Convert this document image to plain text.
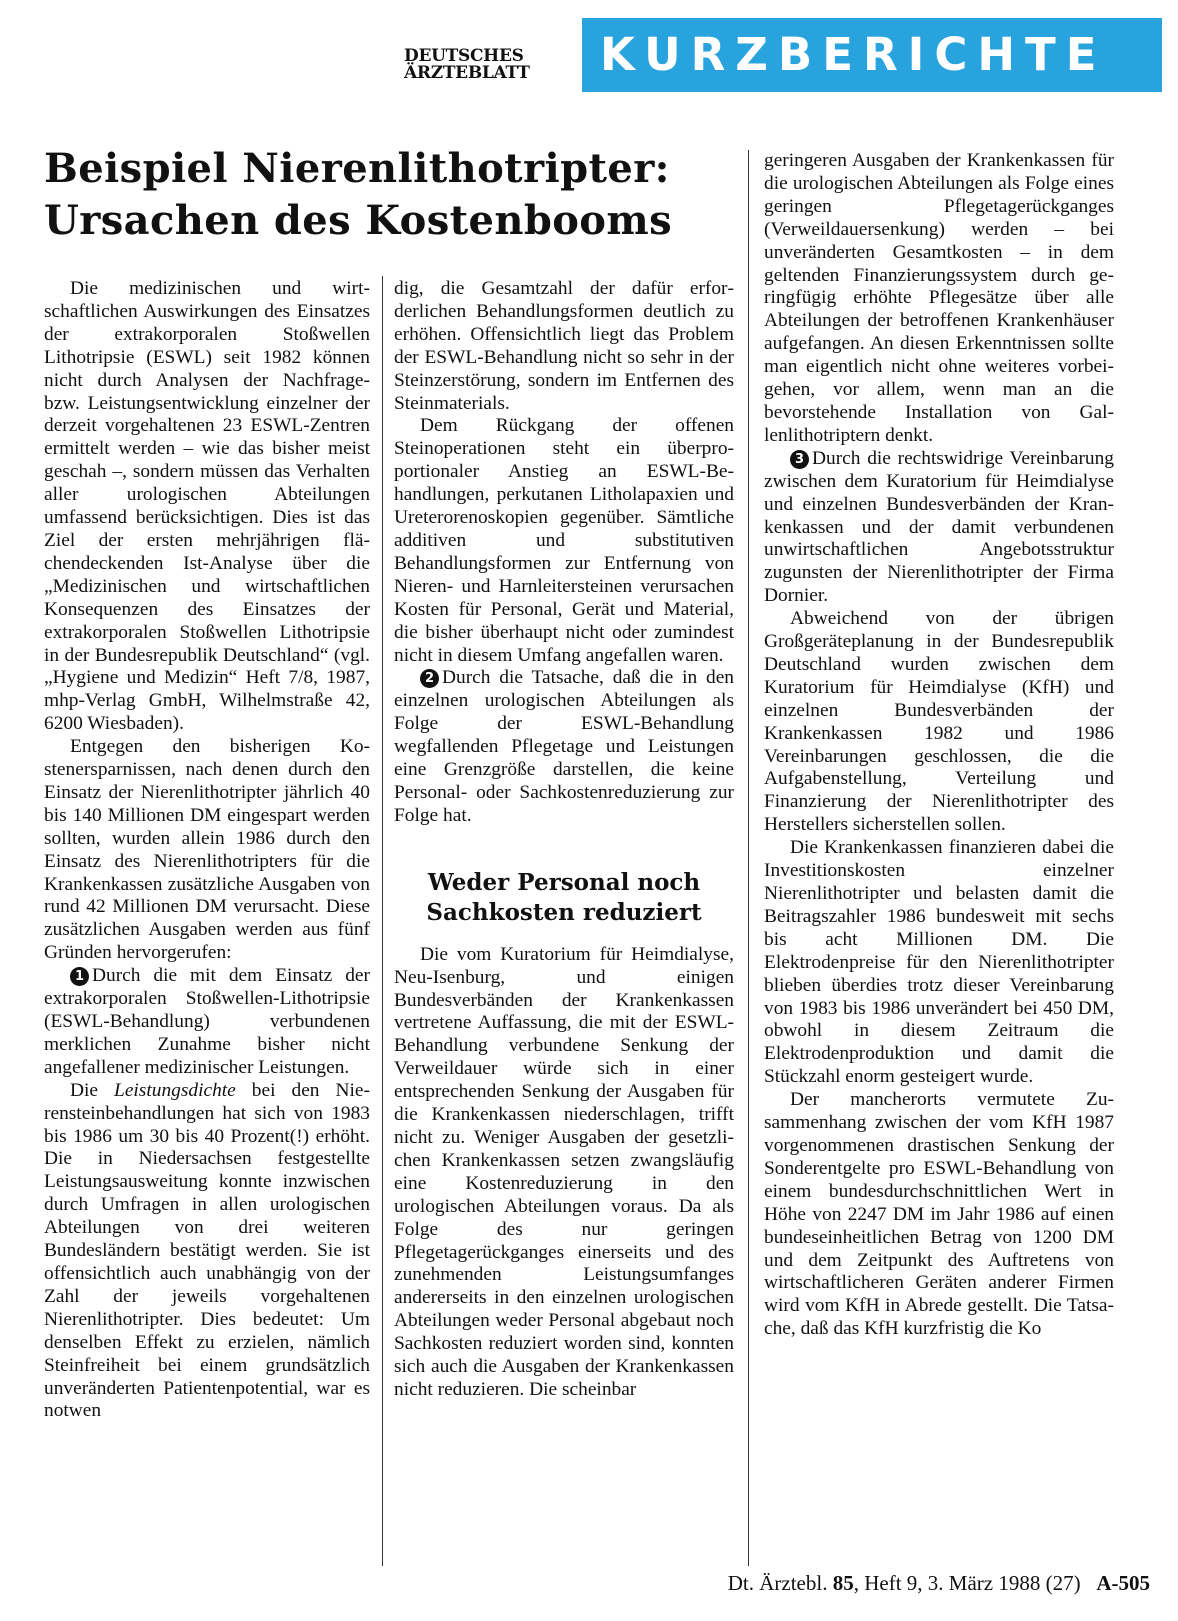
DEUTSCHES
ÄRZTEBLATT	KURZBERICHTE
Beispiel Nierenlithotripter:
Ursachen des Kostenbooms

Die medizinischen und wirtschaftlichen Auswirkungen des Einsatzes der extrakorporalen Stoßwellen Lithotripsie (ESWL) seit 1982 können nicht durch Analysen der Nachfrage- bzw. Leistungsentwicklung einzelner der derzeit vorgehaltenen 23 ESWL-Zentren ermittelt werden – wie das bisher meist geschah –, sondern müssen das Verhalten aller urologischen Abteilungen umfassend berücksichtigen. Dies ist das Ziel der ersten mehrjährigen flächendeckenden Ist-Analyse über die „Medizinischen und wirtschaftlichen Konsequenzen des Einsatzes der extrakorporalen Stoßwellen Lithotripsie in der Bundesrepublik Deutschland“ (vgl. „Hygiene und Medizin“ Heft 7/8, 1987, mhp-Verlag GmbH, Wilhelmstraße 42, 6200 Wiesbaden).

Entgegen den bisherigen Kostenersparnissen, nach denen durch den Einsatz der Nierenlithotripter jährlich 40 bis 140 Millionen DM eingespart werden sollten, wurden allein 1986 durch den Einsatz des Nierenlithotripters für die Krankenkassen zusätzliche Ausgaben von rund 42 Millionen DM verursacht. Diese zusätzlichen Ausgaben werden aus fünf Gründen hervorgerufen:

1 Durch die mit dem Einsatz der extrakorporalen Stoßwellen-Lithotripsie (ESWL-Behandlung) verbundenen merklichen Zunahme bisher nicht angefallener medizinischer Leistungen.

Die Leistungsdichte bei den Nierensteinbehandlungen hat sich von 1983 bis 1986 um 30 bis 40 Prozent(!) erhöht. Die in Niedersachsen festgestellte Leistungsausweitung konnte inzwischen durch Umfragen in allen urologischen Abteilungen von drei weiteren Bundesländern bestätigt werden. Sie ist offensichtlich auch unabhängig von der Zahl der jeweils vorgehaltenen Nierenlithotripter. Dies bedeutet: Um denselben Effekt zu erzielen, nämlich Steinfreiheit bei einem grundsätzlich unveränderten Patientenpotential, war es notwen

dig, die Gesamtzahl der dafür erforderlichen Behandlungsformen deutlich zu erhöhen. Offensichtlich liegt das Problem der ESWL-Behandlung nicht so sehr in der Steinzerstörung, sondern im Entfernen des Steinmaterials.

Dem Rückgang der offenen Steinoperationen steht ein überproportionaler Anstieg an ESWL-Behandlungen, perkutanen Litholapaxien und Ureterorenoskopien gegenüber. Sämtliche additiven und substitutiven Behandlungsformen zur Entfernung von Nieren- und Harnleitersteinen verursachen Kosten für Personal, Gerät und Material, die bisher überhaupt nicht oder zumindest nicht in diesem Umfang angefallen waren.

2 Durch die Tatsache, daß die in den einzelnen urologischen Abteilungen als Folge der ESWL-Behandlung wegfallenden Pflegetage und Leistungen eine Grenzgröße darstellen, die keine Personal- oder Sachkostenreduzierung zur Folge hat.

Weder Personal noch
Sachkosten reduziert

Die vom Kuratorium für Heimdialyse, Neu-Isenburg, und einigen Bundesverbänden der Krankenkassen vertretene Auffassung, die mit der ESWL-Behandlung verbundene Senkung der Verweildauer würde sich in einer entsprechenden Senkung der Ausgaben für die Krankenkassen niederschlagen, trifft nicht zu. Weniger Ausgaben der gesetzlichen Krankenkassen setzen zwangsläufig eine Kostenreduzierung in den urologischen Abteilungen voraus. Da als Folge des nur geringen Pflegetagerückganges einerseits und des zunehmenden Leistungsumfanges andererseits in den einzelnen urologischen Abteilungen weder Personal abgebaut noch Sachkosten reduziert worden sind, konnten sich auch die Ausgaben der Krankenkassen nicht reduzieren. Die scheinbar

geringeren Ausgaben der Krankenkassen für die urologischen Abteilungen als Folge eines geringen Pflegetagerückganges (Verweildauersenkung) werden – bei unveränderten Gesamtkosten – in dem geltenden Finanzierungssystem durch geringfügig erhöhte Pflegesätze über alle Abteilungen der betroffenen Krankenhäuser aufgefangen. An diesen Erkenntnissen sollte man eigentlich nicht ohne weiteres vorbeigehen, vor allem, wenn man an die bevorstehende Installation von Gallenlithotriptern denkt.

3 Durch die rechtswidrige Vereinbarung zwischen dem Kuratorium für Heimdialyse und einzelnen Bundesverbänden der Krankenkassen und der damit verbundenen unwirtschaftlichen Angebotsstruktur zugunsten der Nierenlithotripter der Firma Dornier.

Abweichend von der übrigen Großgeräteplanung in der Bundesrepublik Deutschland wurden zwischen dem Kuratorium für Heimdialyse (KfH) und einzelnen Bundesverbänden der Krankenkassen 1982 und 1986 Vereinbarungen geschlossen, die die Aufgabenstellung, Verteilung und Finanzierung der Nierenlithotripter des Herstellers sicherstellen sollen.

Die Krankenkassen finanzieren dabei die Investitionskosten einzelner Nierenlithotripter und belasten damit die Beitragszahler 1986 bundesweit mit sechs bis acht Millionen DM. Die Elektrodenpreise für den Nierenlithotripter blieben überdies trotz dieser Vereinbarung von 1983 bis 1986 unverändert bei 450 DM, obwohl in diesem Zeitraum die Elektrodenproduktion und damit die Stückzahl enorm gesteigert wurde.

Der mancherorts vermutete Zusammenhang zwischen der vom KfH 1987 vorgenommenen drastischen Senkung der Sonderentgelte pro ESWL-Behandlung von einem bundesdurchschnittlichen Wert in Höhe von 2247 DM im Jahr 1986 auf einen bundeseinheitlichen Betrag von 1200 DM und dem Zeitpunkt des Auftretens von wirtschaftlicheren Geräten anderer Firmen wird vom KfH in Abrede gestellt. Die Tatsache, daß das KfH kurzfristig die Ko

Dt. Ärztebl. 85, Heft 9, 3. März 1988 (27) A-505
